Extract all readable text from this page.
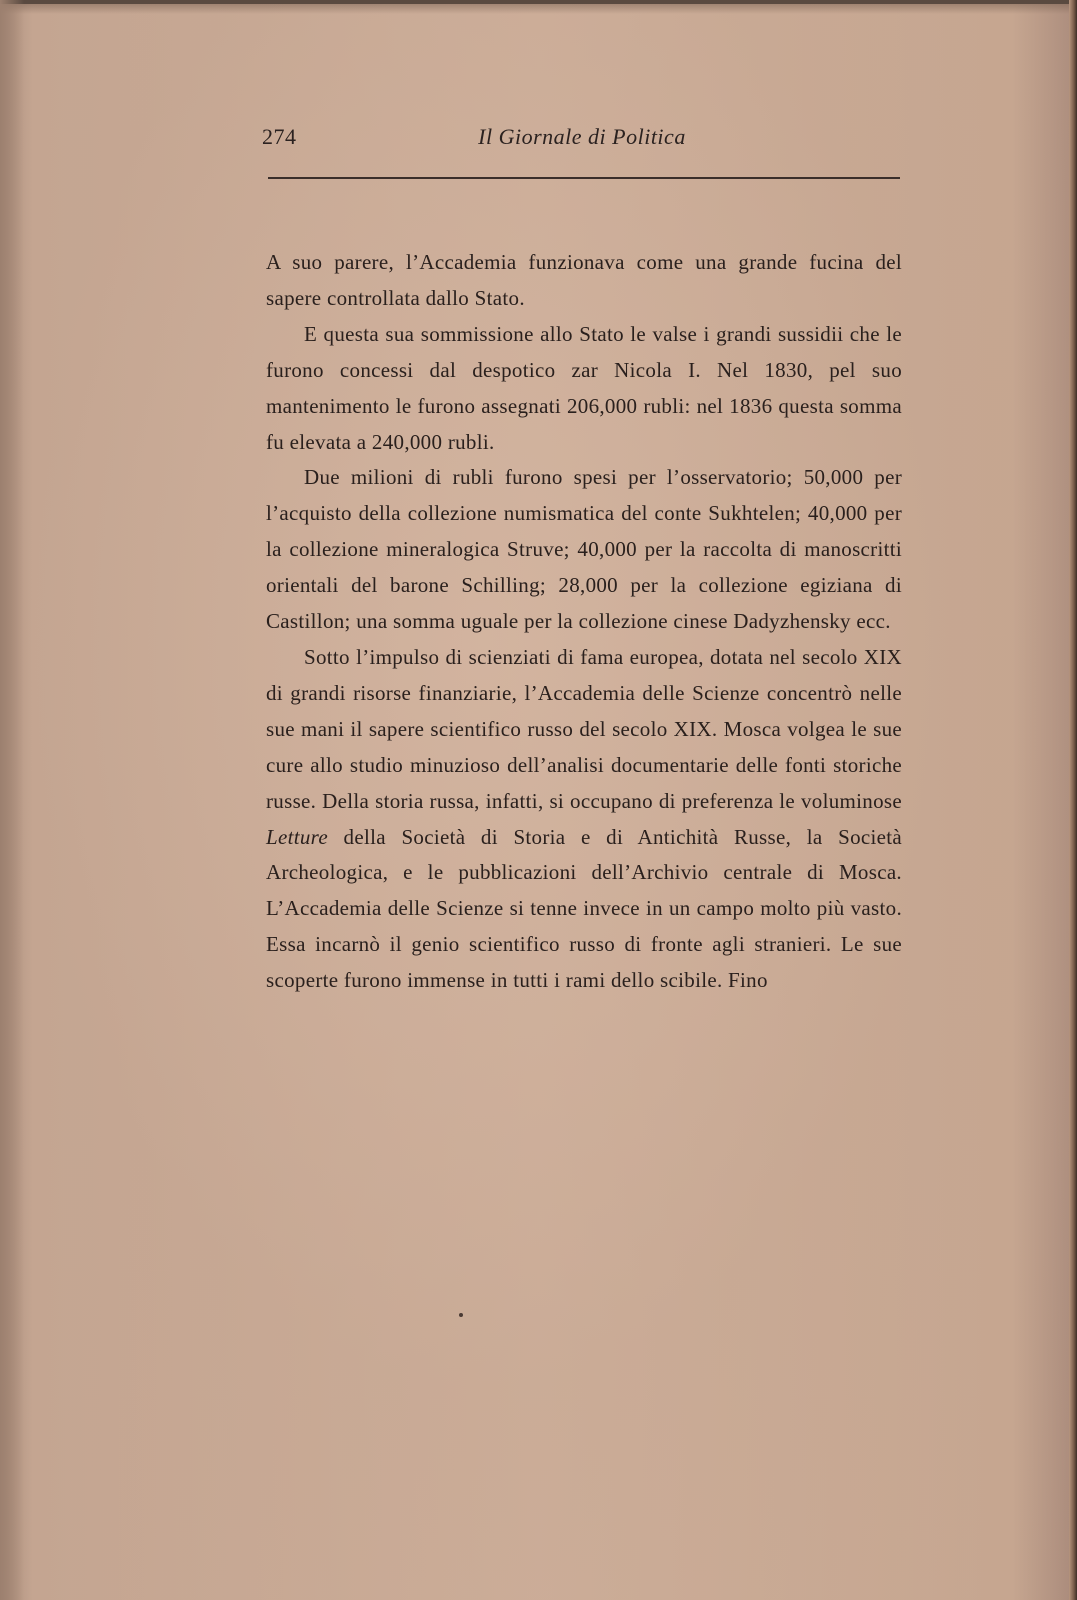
274	Il Giornale di Politica

A suo parere, l’Accademia funzionava come una grande fucina del sapere controllata dallo Stato.

E questa sua sommissione allo Stato le valse i grandi sussidii che le furono concessi dal despotico zar Nicola I. Nel 1830, pel suo mantenimento le furono assegnati 206,000 rubli: nel 1836 questa somma fu elevata a 240,000 rubli.

Due milioni di rubli furono spesi per l’osservatorio; 50,000 per l’acquisto della collezione numismatica del conte Sukhtelen; 40,000 per la collezione mineralogica Struve; 40,000 per la raccolta di manoscritti orientali del barone Schilling; 28,000 per la collezione egiziana di Castillon; una somma uguale per la collezione cinese Dadyzhensky ecc.

Sotto l’impulso di scienziati di fama europea, dotata nel secolo XIX di grandi risorse finanziarie, l’Accademia delle Scienze concentrò nelle sue mani il sapere scientifico russo del secolo XIX. Mosca volgea le sue cure allo studio minuzioso dell’analisi documentarie delle fonti storiche russe. Della storia russa, infatti, si occupano di preferenza le voluminose Letture della Società di Storia e di Antichità Russe, la Società Archeologica, e le pubblicazioni dell’Archivio centrale di Mosca. L’Accademia delle Scienze si tenne invece in un campo molto più vasto. Essa incarnò il genio scientifico russo di fronte agli stranieri. Le sue scoperte furono immense in tutti i rami dello scibile. Fino
